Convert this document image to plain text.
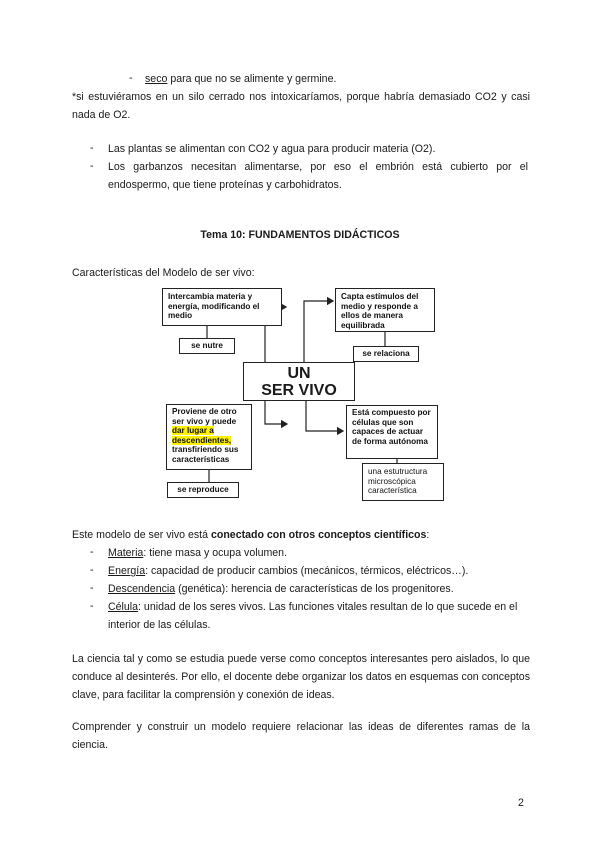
- seco para que no se alimente y germine.

*si estuviéramos en un silo cerrado nos intoxicaríamos, porque habría demasiado CO2 y casi nada de O2.

- Las plantas se alimentan con CO2 y agua para producir materia (O2).
- Los garbanzos necesitan alimentarse, por eso el embrión está cubierto por el endospermo, que tiene proteínas y carbohidratos.
Tema 10: FUNDAMENTOS DIDÁCTICOS

Características del Modelo de ser vivo:

Intercambia materia y energía, modificando el medio
se nutre
Capta estímulos del medio y responde a ellos de manera equilibrada
se relaciona
UN
SER VIVO
Proviene de otro ser vivo y puede dar lugar a descendientes, transfiriendo sus características
se reproduce
Está compuesto por células que son capaces de actuar de forma autónoma
una estutructura microscópica característica

Este modelo de ser vivo está conectado con otros conceptos científicos:

- Materia: tiene masa y ocupa volumen.
- Energía: capacidad de producir cambios (mecánicos, térmicos, eléctricos…).
- Descendencia (genética): herencia de características de los progenitores.
- Célula: unidad de los seres vivos. Las funciones vitales resultan de lo que sucede en el interior de las células.

La ciencia tal y como se estudia puede verse como conceptos interesantes pero aislados, lo que conduce al desinterés. Por ello, el docente debe organizar los datos en esquemas con conceptos clave, para facilitar la comprensión y conexión de ideas.

Comprender y construir un modelo requiere relacionar las ideas de diferentes ramas de la ciencia.

2
